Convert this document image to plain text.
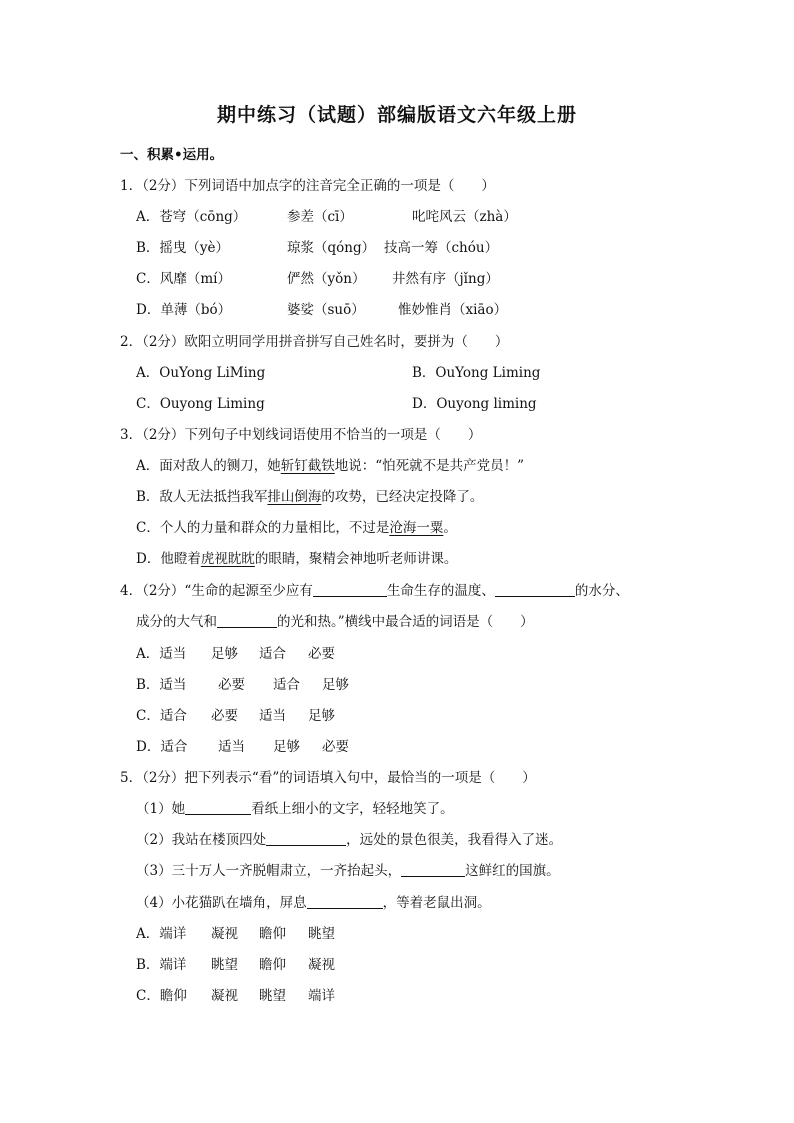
期中练习（试题）部编版语文六年级上册
一、积累•运用。
1．（2分）下列词语中加点字的注音完全正确的一项是（　　）
A．苍穹（cōng）	参差（cī）	叱咤风云（zhà）
B．摇曳（yè）	琼浆（qóng） 技高一筹（chóu）
C．风靡（mí）	俨然（yǒn） 井然有序（jǐng）
D．单薄（bó）	婆娑（suō） 惟妙惟肖（xiāo）
2．（2分）欧阳立明同学用拼音拼写自己姓名时，要拼为（　　）
A．OuYong LiMing	B．OuYong Liming
C．Ouyong Liming	D．Ouyong liming
3．（2分）下列句子中划线词语使用不恰当的一项是（　　）
A．面对敌人的铡刀，她斩钉截铁地说：“怕死就不是共产党员！”
B．敌人无法抵挡我军排山倒海的攻势，已经决定投降了。
C．个人的力量和群众的力量相比，不过是沧海一粟。
D．他瞪着虎视眈眈的眼睛，聚精会神地听老师讲课。
4．（2分）“生命的起源至少应有	生命生存的温度、	的水分、
成分的大气和	的光和热。”横线中最合适的词语是（　　）
A．适当 足够 适合 必要
B．适当 必要 适合 足够
C．适合 必要 适当 足够
D．适合 适当 足够 必要
5．（2分）把下列表示“看”的词语填入句中，最恰当的一项是（　　）
（1）她	看纸上细小的文字，轻轻地笑了。
（2）我站在楼顶四处	，远处的景色很美，我看得入了迷。
（3）三十万人一齐脱帽肃立，一齐抬起头，	这鲜红的国旗。
（4）小花猫趴在墙角，屏息	，等着老鼠出洞。
A．端详 凝视 瞻仰 眺望
B．端详 眺望 瞻仰 凝视
C．瞻仰 凝视 眺望 端详
